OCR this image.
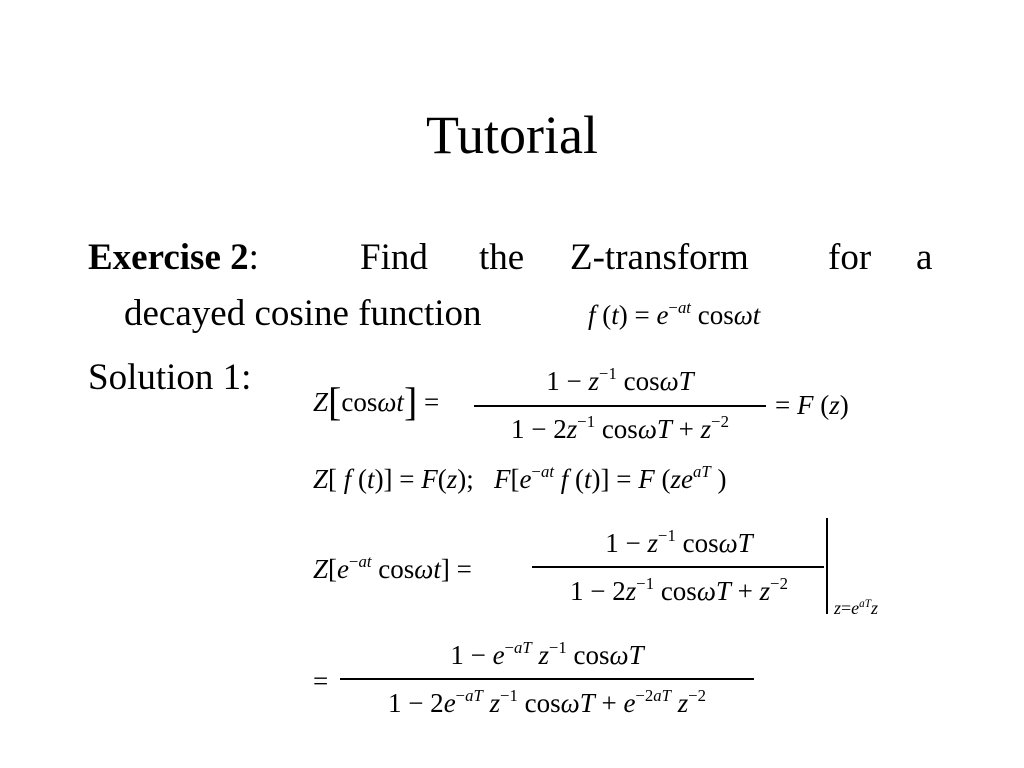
Tutorial
Exercise 2:	Find the Z-transform for a
decayed cosine function	f $(t) = e^{-at}$ cosωt
Solution 1:
Z[cosωt] =
$1 - z^{-1}$ cosωT
$1 - 2z^{-1}$ $\cos\omega T + z^{-2}$
= F (z)
Z[ f (t)] = F(z);   $F[e^{-at}$ f (t)] = F ($ze^{aT}$ )
$Z[e^{-at}$ cosωt] =
$1 - z^{-1}$ cosωT
$1 - 2z^{-1}$ $\cos\omega T + z^{-2}$
$z=e^{aT}z$
=
$1 - e^{-aT}$ $z^{-1}$ cosωT
$1 - 2e^{-aT}$ $z^{-1}$ $\cos\omega T + e^{-2aT}$ $z^{-2}$
